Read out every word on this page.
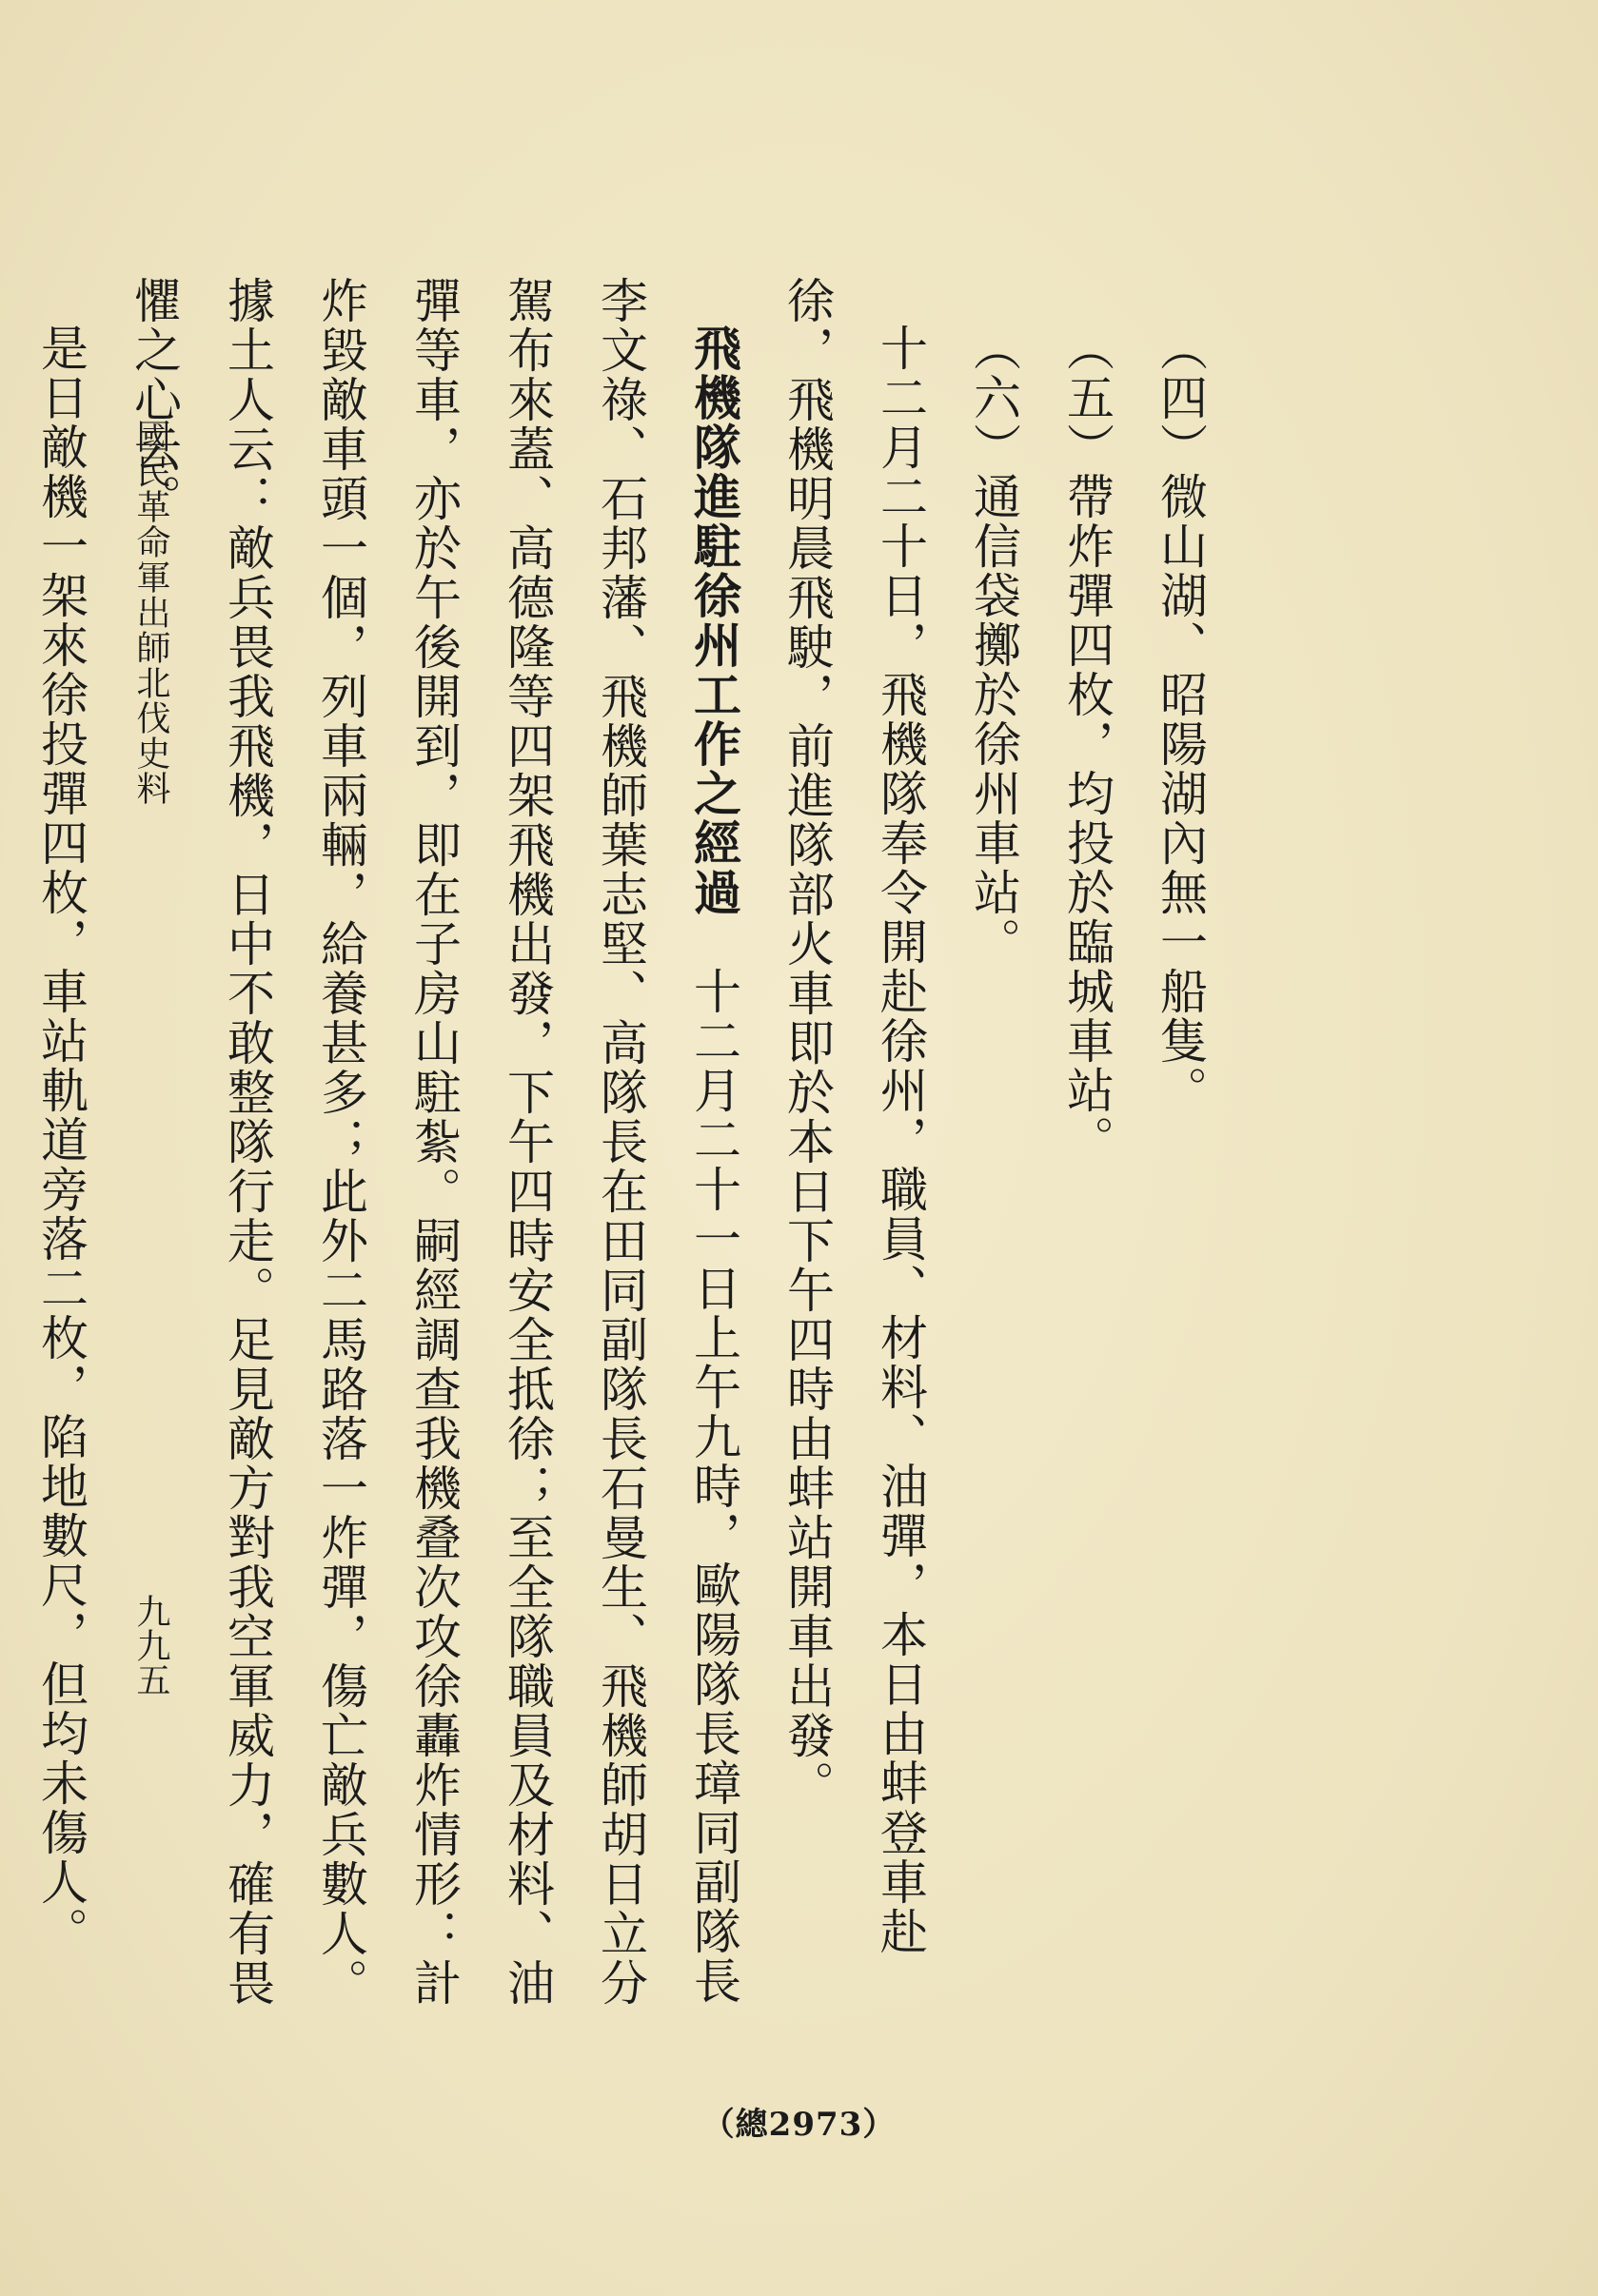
（四）微山湖、昭陽湖內無一船隻。

（五）帶炸彈四枚，均投於臨城車站。

（六）通信袋擲於徐州車站。

十二月二十日，飛機隊奉令開赴徐州，職員、材料、油彈，本日由蚌登車赴徐，飛機明晨飛駛，前進隊部火車即於本日下午四時由蚌站開車出發。

飛機隊進駐徐州工作之經過　十二月二十一日上午九時，歐陽隊長璋同副隊長李文祿、石邦藩、飛機師葉志堅、高隊長在田同副隊長石曼生、飛機師胡日立分駕布來蓋、高德隆等四架飛機出發，下午四時安全抵徐；至全隊職員及材料、油彈等車，亦於午後開到，即在子房山駐紮。嗣經調查我機叠次攻徐轟炸情形：計炸毀敵車頭一個，列車兩輛，給養甚多；此外二馬路落一炸彈，傷亡敵兵數人。據土人云：敵兵畏我飛機，日中不敢整隊行走。足見敵方對我空軍威力，確有畏懼之心云。

是日敵機一架來徐投彈四枚，車站軌道旁落二枚，陷地數尺，但均未傷人。	國民革命軍出師北伐史料
九九五
（總2973）
